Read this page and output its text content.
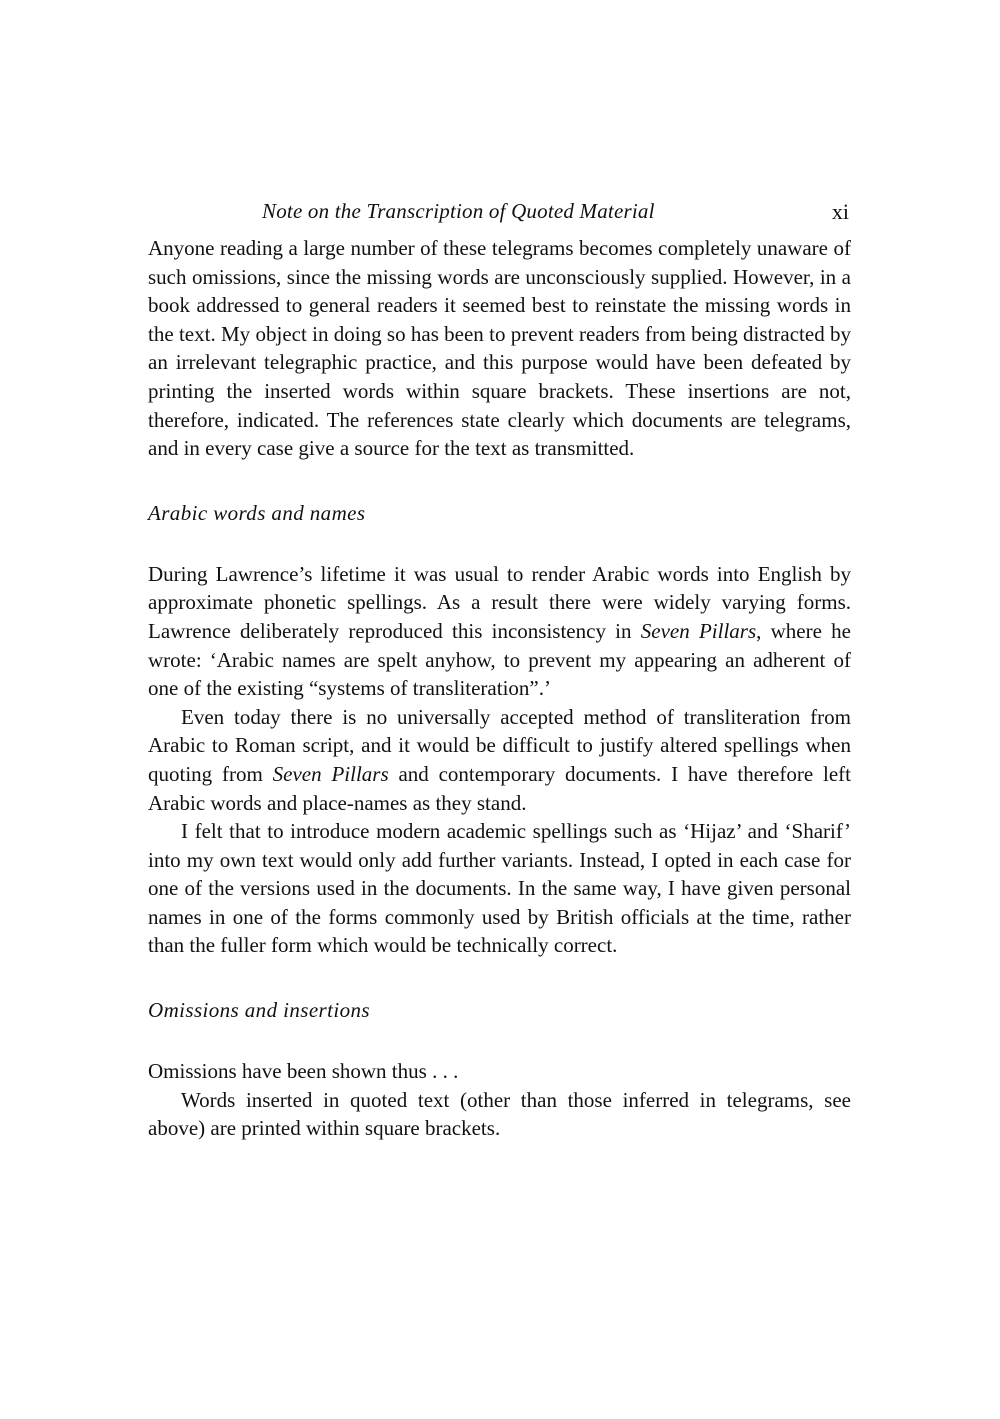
Note on the Transcription of Quoted Material	xi

Anyone reading a large number of these telegrams becomes completely unaware of such omissions, since the missing words are unconsciously supplied. However, in a book addressed to general readers it seemed best to reinstate the missing words in the text. My object in doing so has been to prevent readers from being distracted by an irrelevant telegraphic practice, and this purpose would have been defeated by printing the inserted words within square brackets. These insertions are not, therefore, indicated. The references state clearly which documents are telegrams, and in every case give a source for the text as transmitted.

Arabic words and names

During Lawrence’s lifetime it was usual to render Arabic words into English by approximate phonetic spellings. As a result there were widely varying forms. Lawrence deliberately reproduced this inconsistency in Seven Pillars, where he wrote: ‘Arabic names are spelt anyhow, to prevent my appearing an adherent of one of the existing “systems of transliteration”.’

Even today there is no universally accepted method of transliteration from Arabic to Roman script, and it would be difficult to justify altered spellings when quoting from Seven Pillars and contemporary documents. I have therefore left Arabic words and place-names as they stand.

I felt that to introduce modern academic spellings such as ‘Hijaz’ and ‘Sharif’ into my own text would only add further variants. Instead, I opted in each case for one of the versions used in the documents. In the same way, I have given personal names in one of the forms commonly used by British officials at the time, rather than the fuller form which would be technically correct.

Omissions and insertions

Omissions have been shown thus . . .

Words inserted in quoted text (other than those inferred in telegrams, see above) are printed within square brackets.
